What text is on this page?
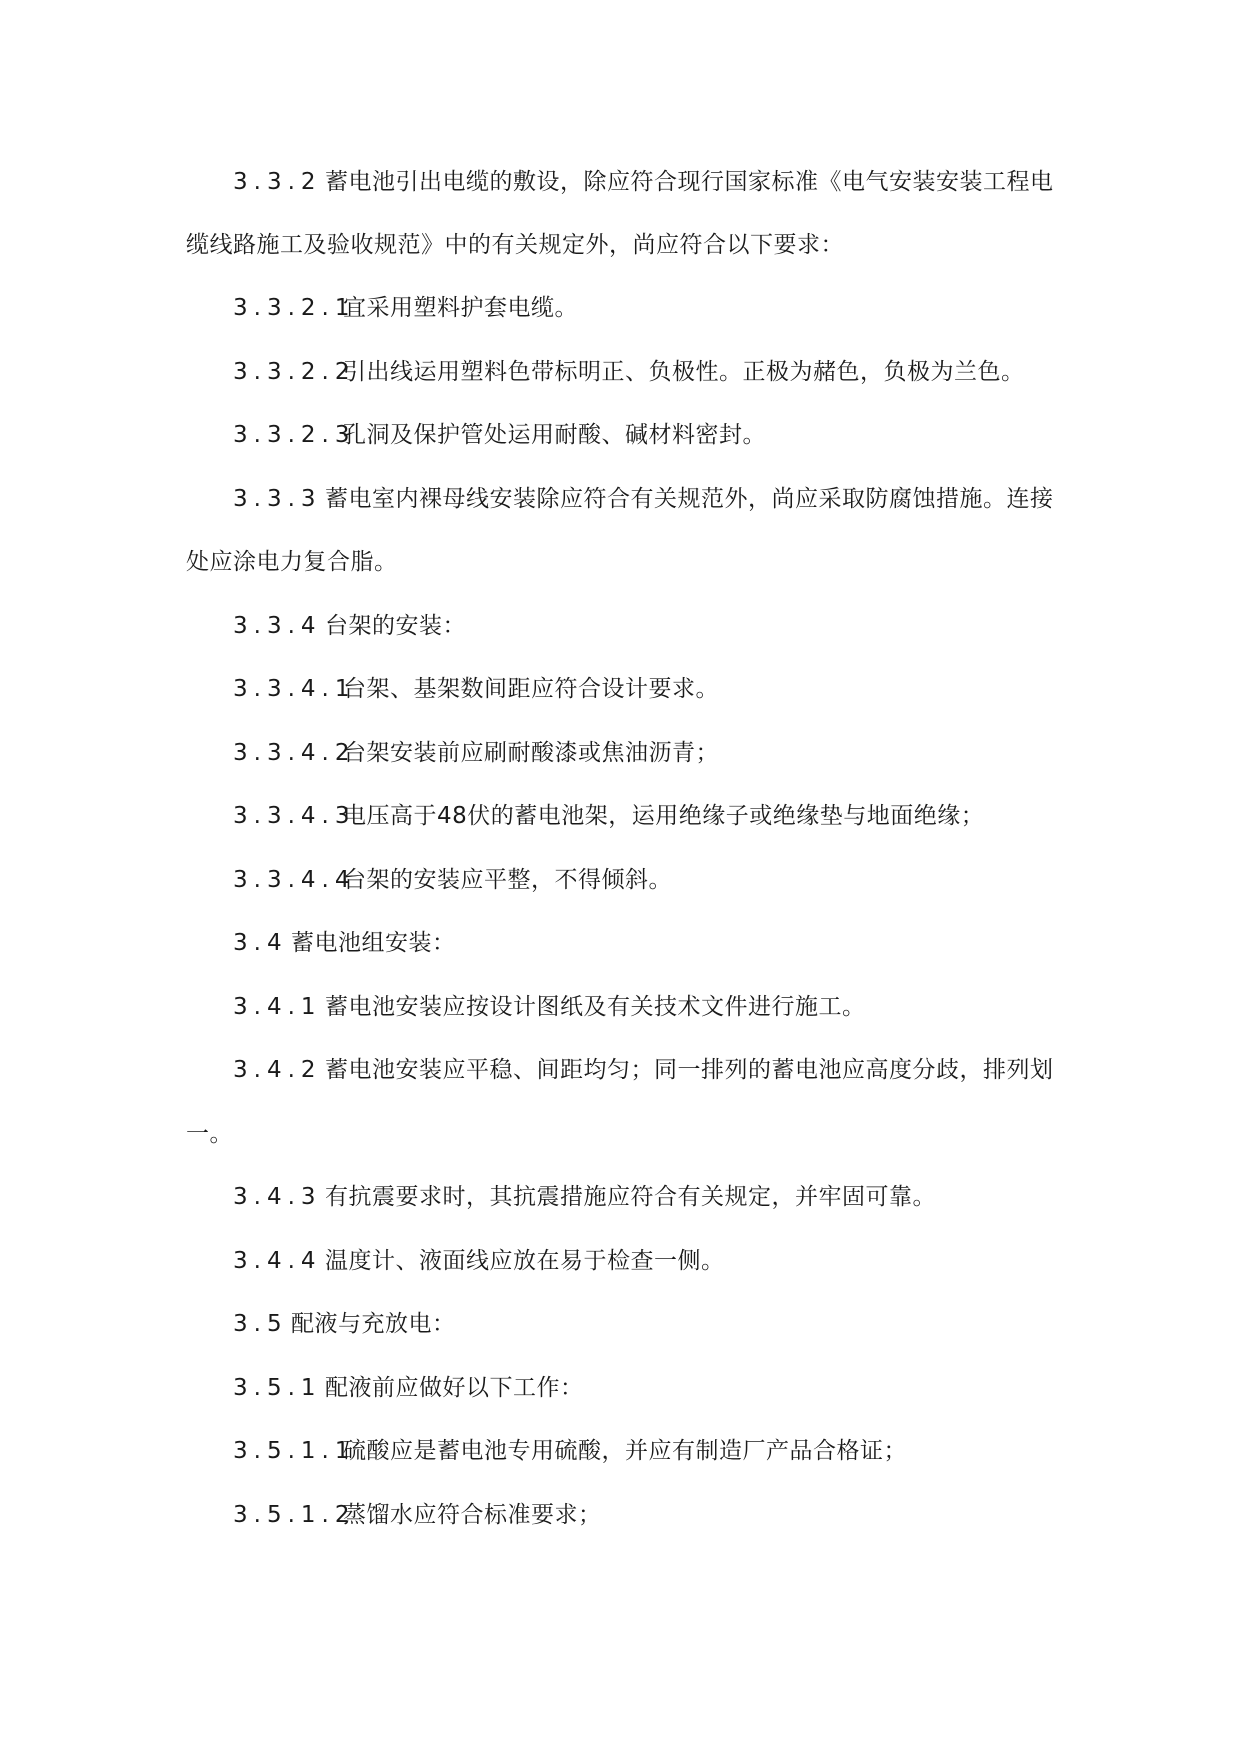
3.3.2 蓄电池引出电缆的敷设，除应符合现行国家标准《电气安装安装工程电
缆线路施工及验收规范》中的有关规定外，尚应符合以下要求：
3.3.2.1宜采用塑料护套电缆。
3.3.2.2引出线运用塑料色带标明正、负极性。正极为赭色，负极为兰色。
3.3.2.3孔洞及保护管处运用耐酸、碱材料密封。
3.3.3 蓄电室内裸母线安装除应符合有关规范外，尚应采取防腐蚀措施。连接
处应涂电力复合脂。
3.3.4 台架的安装：
3.3.4.1台架、基架数间距应符合设计要求。
3.3.4.2台架安装前应刷耐酸漆或焦油沥青；
3.3.4.3电压高于48伏的蓄电池架，运用绝缘子或绝缘垫与地面绝缘；
3.3.4.4台架的安装应平整，不得倾斜。
3.4 蓄电池组安装：
3.4.1 蓄电池安装应按设计图纸及有关技术文件进行施工。
3.4.2 蓄电池安装应平稳、间距均匀；同一排列的蓄电池应高度分歧，排列划
一。
3.4.3 有抗震要求时，其抗震措施应符合有关规定，并牢固可靠。
3.4.4 温度计、液面线应放在易于检查一侧。
3.5 配液与充放电：
3.5.1 配液前应做好以下工作：
3.5.1.1硫酸应是蓄电池专用硫酸，并应有制造厂产品合格证；
3.5.1.2蒸馏水应符合标准要求；
